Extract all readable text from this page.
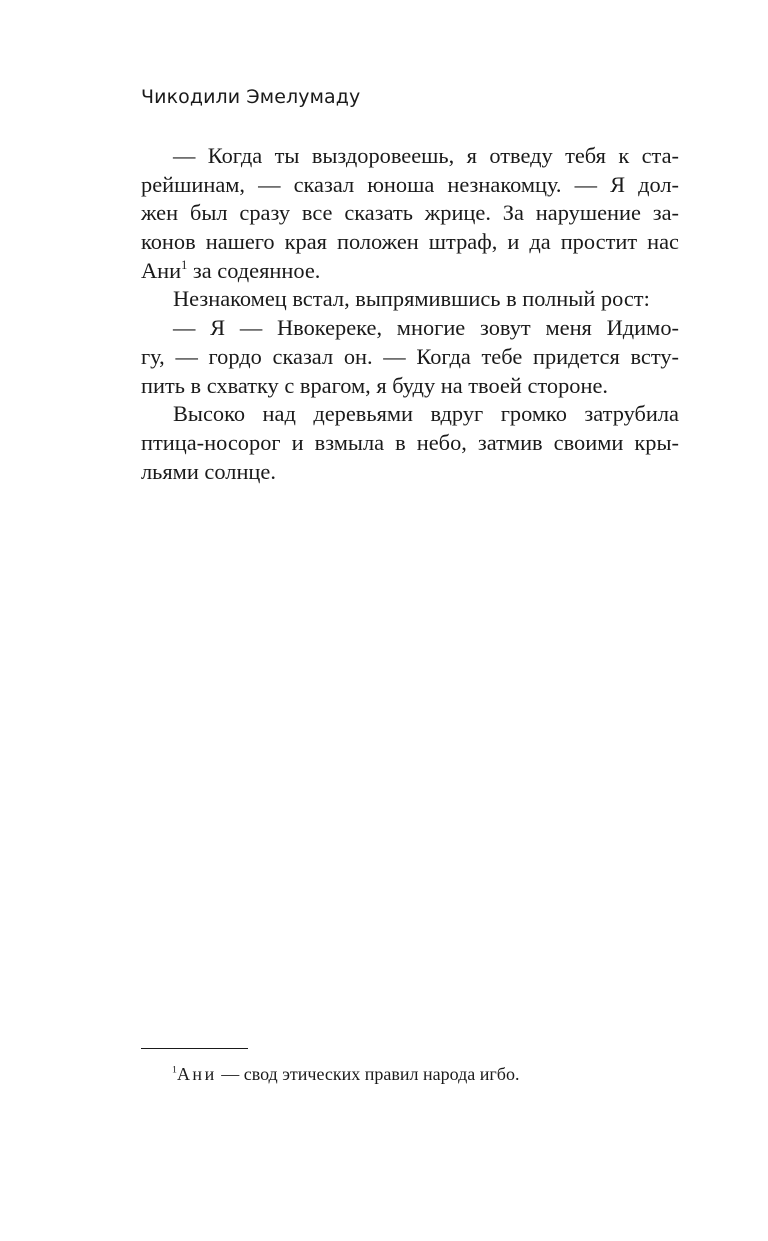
Чикодили Эмелумаду
— Когда ты выздоровеешь, я отведу тебя к ста-
рейшинам, — сказал юноша незнакомцу. — Я дол-
жен был сразу все сказать жрице. За нарушение за-
конов нашего края положен штраф, и да простит нас
Ани$^1$ за содеянное.
Незнакомец встал, выпрямившись в полный рост:
— Я — Нвокереке, многие зовут меня Идимо-
гу, — гордо сказал он. — Когда тебе придется всту-
пить в схватку с врагом, я буду на твоей стороне.
Высоко над деревьями вдруг громко затрубила
птица-носорог и взмыла в небо, затмив своими кры-
льями солнце.
$^1$Ани — свод этических правил народа игбо.
